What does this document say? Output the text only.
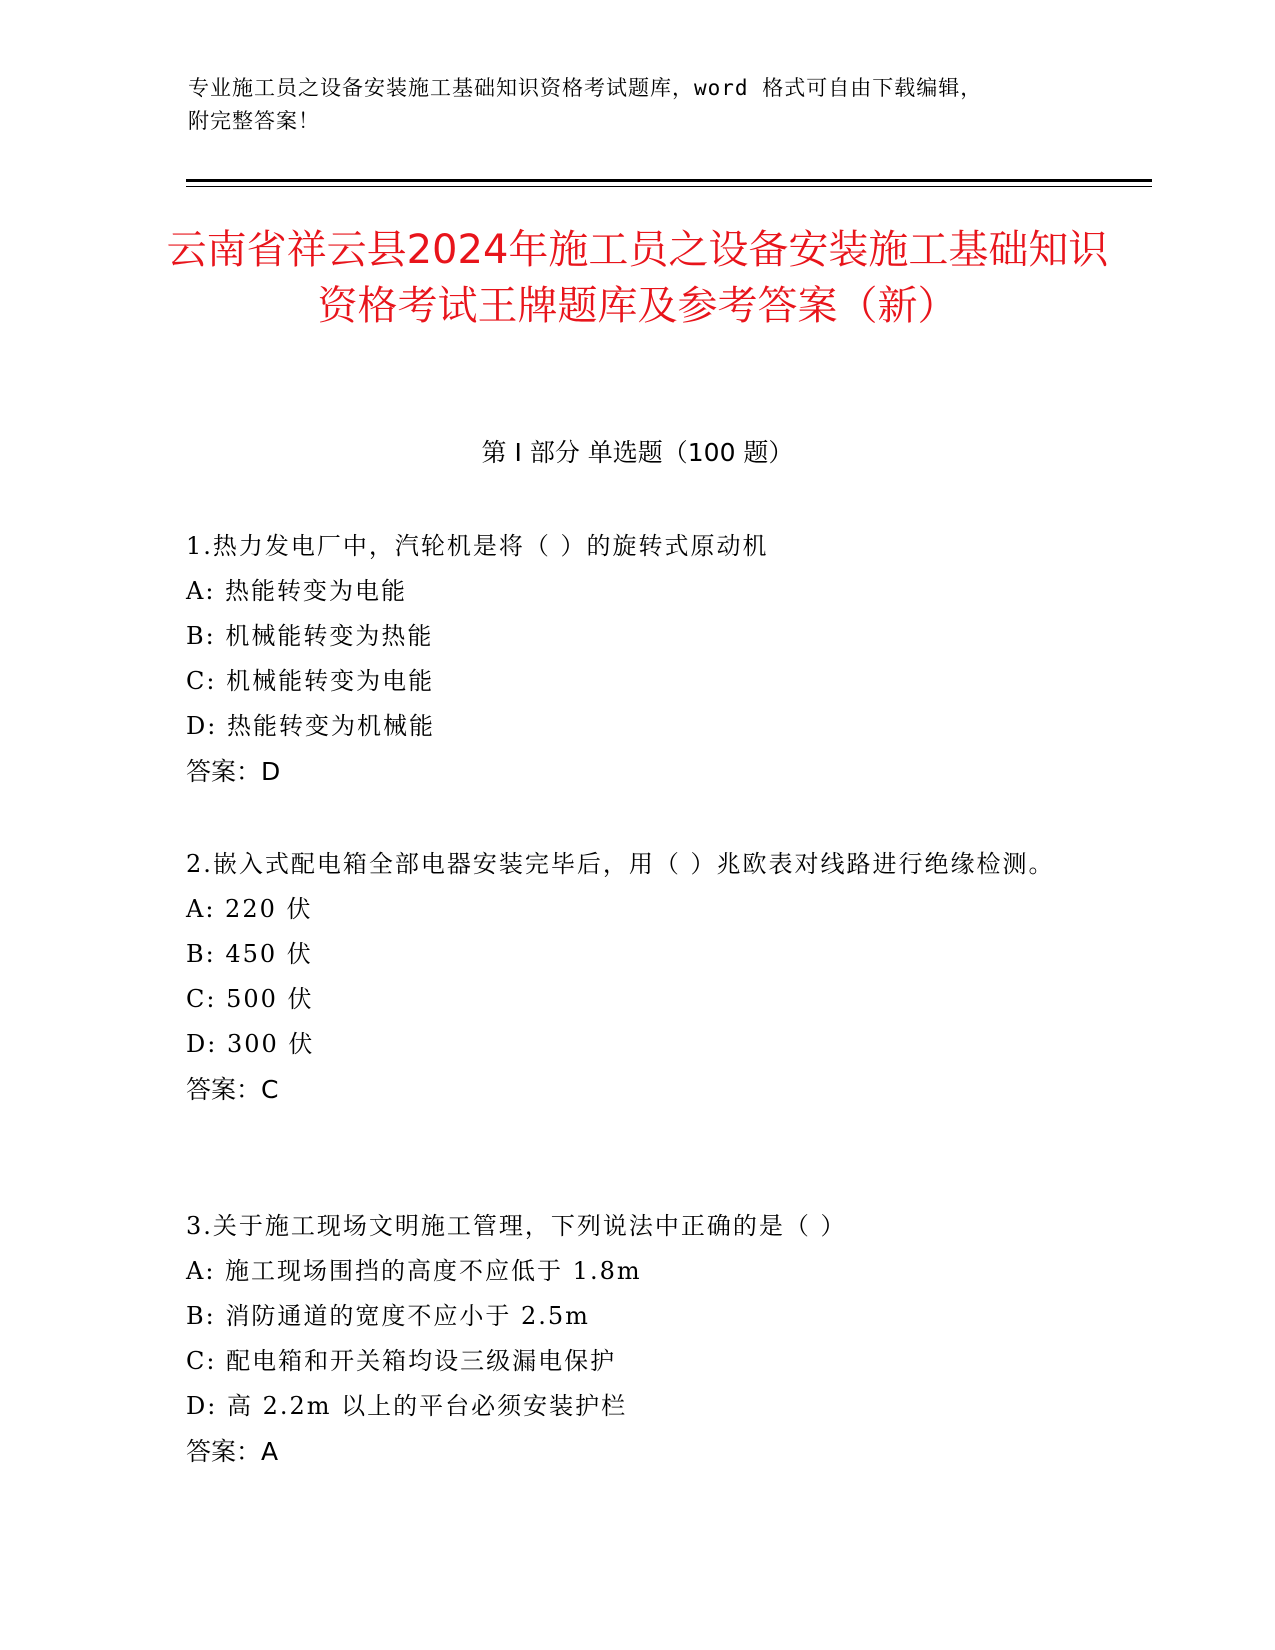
专业施工员之设备安装施工基础知识资格考试题库，word 格式可自由下载编辑，
附完整答案！
云南省祥云县2024年施工员之设备安装施工基础知识资格考试王牌题库及参考答案（新）
第 I 部分 单选题（100 题）

1.热力发电厂中，汽轮机是将（ ）的旋转式原动机

A: 热能转变为电能

B: 机械能转变为热能

C: 机械能转变为电能

D: 热能转变为机械能

答案：D

2.嵌入式配电箱全部电器安装完毕后，用（ ）兆欧表对线路进行绝缘检测。

A: 220 伏

B: 450 伏

C: 500 伏

D: 300 伏

答案：C

3.关于施工现场文明施工管理，下列说法中正确的是（ ）

A: 施工现场围挡的高度不应低于 1.8m

B: 消防通道的宽度不应小于 2.5m

C: 配电箱和开关箱均设三级漏电保护

D: 高 2.2m 以上的平台必须安装护栏

答案：A
